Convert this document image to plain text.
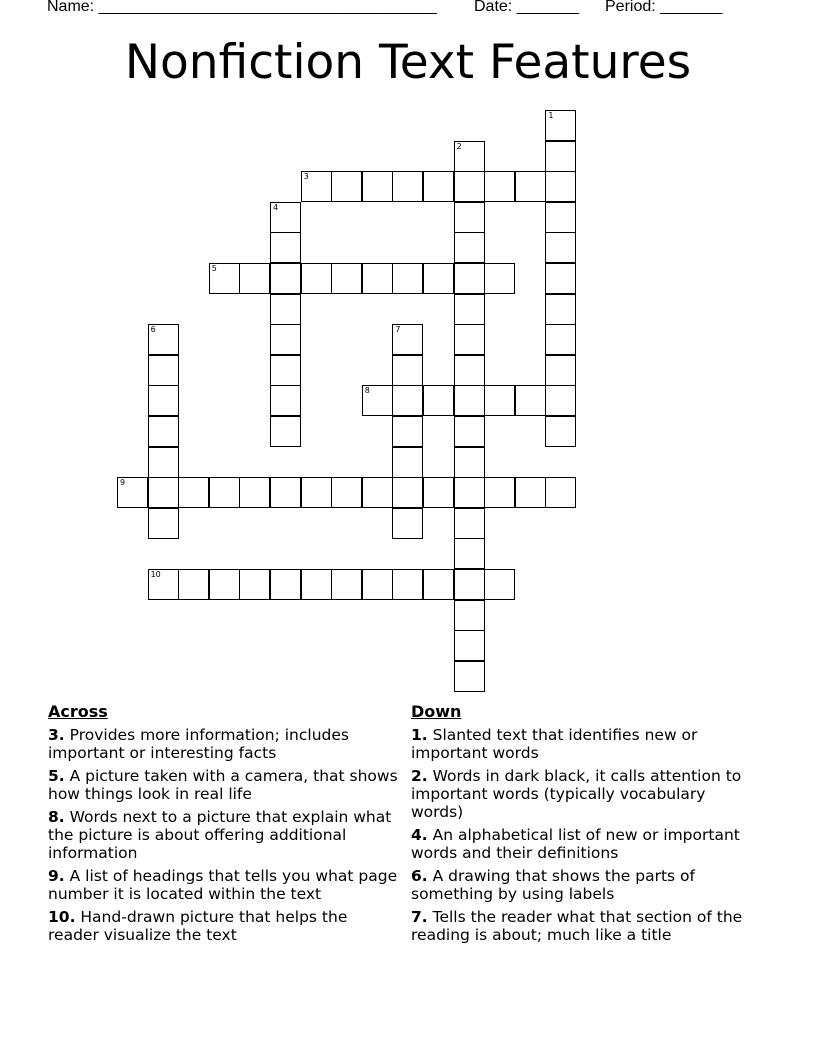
Name: ______________________________________ Date: _______ Period: _______
Nonfiction Text Features
1
2
3
4
5
6	7
8
9
10
Across
3. Provides more information; includes important or interesting facts
5. A picture taken with a camera, that shows how things look in real life
8. Words next to a picture that explain what the picture is about offering additional information
9. A list of headings that tells you what page number it is located within the text
10. Hand-drawn picture that helps the reader visualize the text
Down
1. Slanted text that identifies new or important words
2. Words in dark black, it calls attention to important words (typically vocabulary words)
4. An alphabetical list of new or important words and their definitions
6. A drawing that shows the parts of something by using labels
7. Tells the reader what that section of the reading is about; much like a title
